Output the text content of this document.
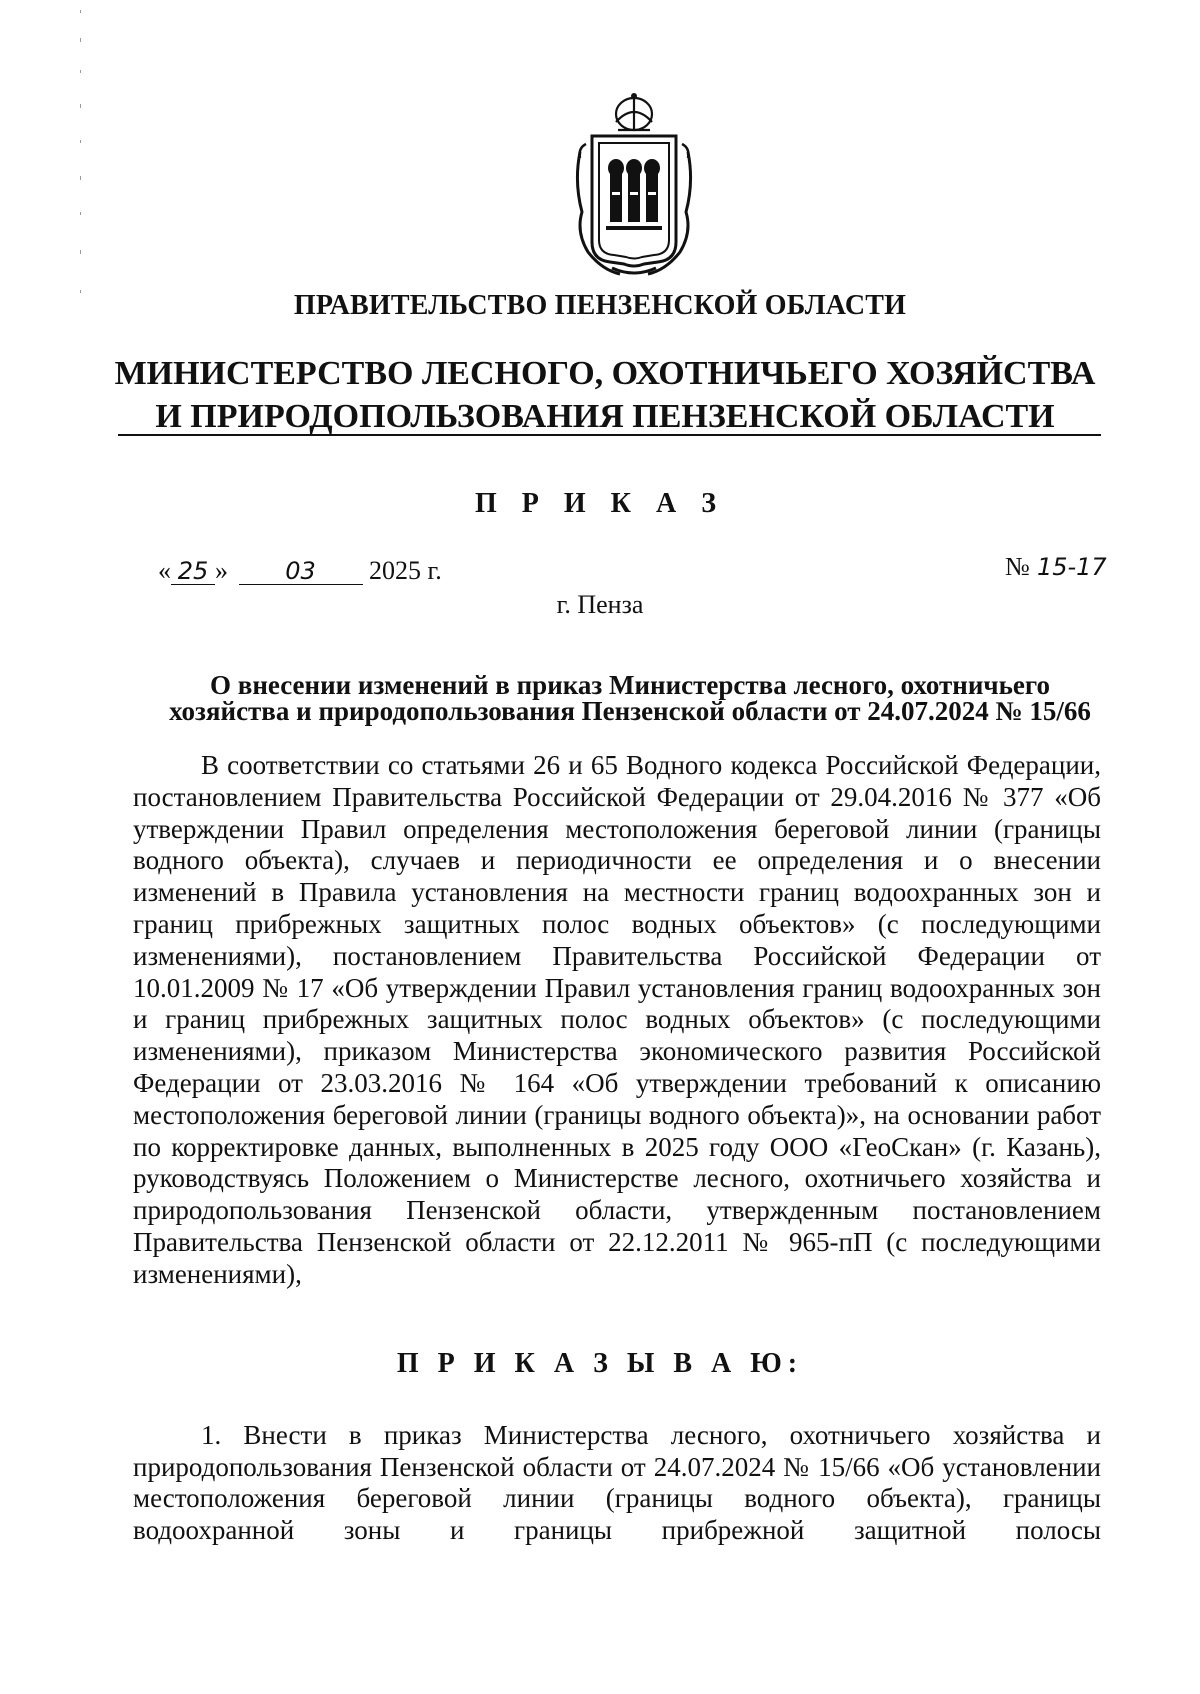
ПРАВИТЕЛЬСТВО ПЕНЗЕНСКОЙ ОБЛАСТИ
МИНИСТЕРСТВО ЛЕСНОГО, ОХОТНИЧЬЕГО ХОЗЯЙСТВА
И ПРИРОДОПОЛЬЗОВАНИЯ ПЕНЗЕНСКОЙ ОБЛАСТИ
П Р И К А З
« 25 » 03 2025 г.	№ 15-17
г. Пенза
О внесении изменений в приказ Министерства лесного, охотничьего
хозяйства и природопользования Пензенской области от 24.07.2024 № 15/66

В соответствии со статьями 26 и 65 Водного кодекса Российской Федерации, постановлением Правительства Российской Федерации от 29.04.2016 № 377 «Об утверждении Правил определения местоположения береговой линии (границы водного объекта), случаев и периодичности ее определения и о внесении изменений в Правила установления на местности границ водоохранных зон и границ прибрежных защитных полос водных объектов» (с последующими изменениями), постановлением Правительства Российской Федерации от 10.01.2009 № 17 «Об утверждении Правил установления границ водоохранных зон и границ прибрежных защитных полос водных объектов» (с последующими изменениями), приказом Министерства экономического развития Российской Федерации от 23.03.2016 № 164 «Об утверждении требований к описанию местоположения береговой линии (границы водного объекта)», на основании работ по корректировке данных, выполненных в 2025 году ООО «ГеоСкан» (г. Казань), руководствуясь Положением о Министерстве лесного, охотничьего хозяйства и природопользования Пензенской области, утвержденным постановлением Правительства Пензенской области от 22.12.2011 № 965-пП (с последующими изменениями),

П Р И К А З Ы В А Ю:

1. Внести в приказ Министерства лесного, охотничьего хозяйства и природопользования Пензенской области от 24.07.2024 № 15/66 «Об установлении местоположения береговой линии (границы водного объекта), границы водоохранной зоны и границы прибрежной защитной полосы
